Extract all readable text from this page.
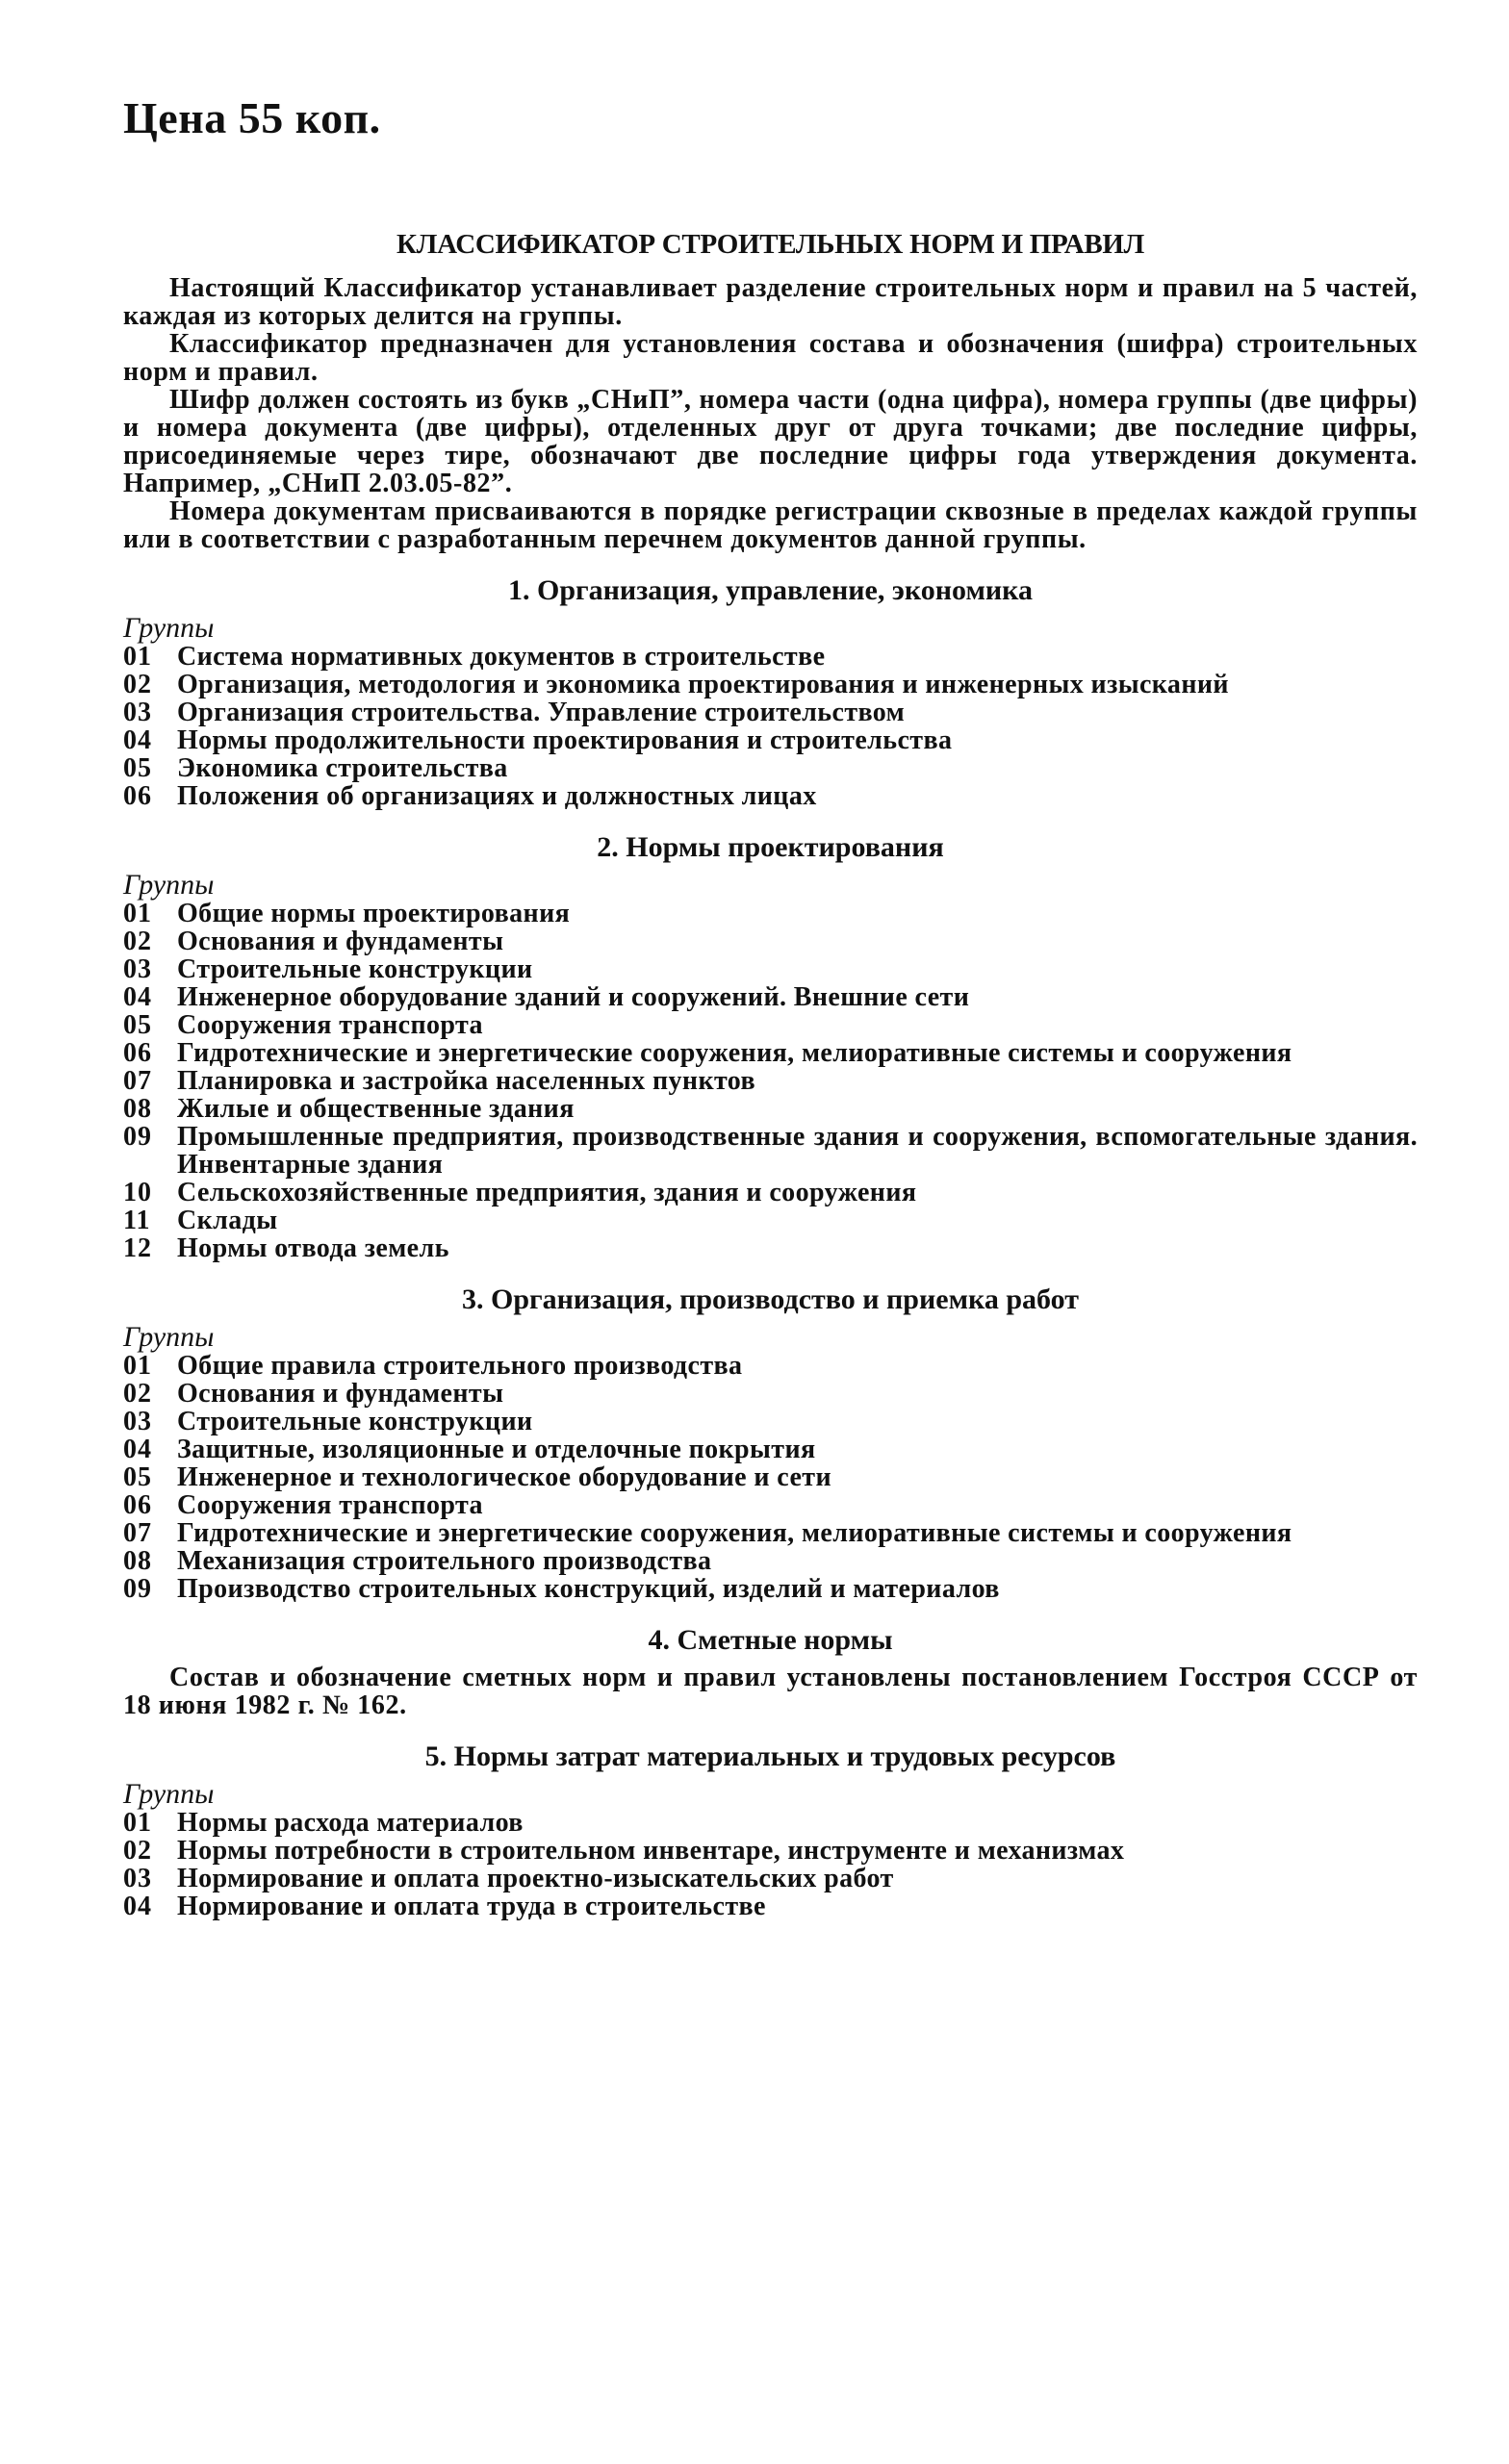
Цена 55 коп.
КЛАССИФИКАТОР СТРОИТЕЛЬНЫХ НОРМ И ПРАВИЛ

Настоящий Классификатор устанавливает разделение строительных норм и правил на 5 частей, каждая из которых делится на группы.

Классификатор предназначен для установления состава и обозначения (шифра) строительных норм и правил.

Шифр должен состоять из букв „СНиП”, номера части (одна цифра), номера группы (две цифры) и номера документа (две цифры), отделенных друг от друга точками; две последние цифры, присоединяемые через тире, обозначают две последние цифры года утверждения документа. Например, „СНиП 2.03.05-82”.

Номера документам присваиваются в порядке регистрации сквозные в пределах каждой группы или в соответствии с разработанным перечнем документов данной группы.

1. Организация, управление, экономика
Группы
01 Система нормативных документов в строительстве
02 Организация, методология и экономика проектирования и инженерных изысканий
03 Организация строительства. Управление строительством
04 Нормы продолжительности проектирования и строительства
05 Экономика строительства
06 Положения об организациях и должностных лицах
2. Нормы проектирования
Группы
01 Общие нормы проектирования
02 Основания и фундаменты
03 Строительные конструкции
04 Инженерное оборудование зданий и сооружений. Внешние сети
05 Сооружения транспорта
06 Гидротехнические и энергетические сооружения, мелиоративные системы и сооружения
07 Планировка и застройка населенных пунктов
08 Жилые и общественные здания
09 Промышленные предприятия, производственные здания и сооружения, вспомогательные здания. Инвентарные здания
10 Сельскохозяйственные предприятия, здания и сооружения
11 Склады
12 Нормы отвода земель
3. Организация, производство и приемка работ
Группы
01 Общие правила строительного производства
02 Основания и фундаменты
03 Строительные конструкции
04 Защитные, изоляционные и отделочные покрытия
05 Инженерное и технологическое оборудование и сети
06 Сооружения транспорта
07 Гидротехнические и энергетические сооружения, мелиоративные системы и сооружения
08 Механизация строительного производства
09 Производство строительных конструкций, изделий и материалов
4. Сметные нормы

Состав и обозначение сметных норм и правил установлены постановлением Госстроя СССР от 18 июня 1982 г. № 162.

5. Нормы затрат материальных и трудовых ресурсов
Группы
01 Нормы расхода материалов
02 Нормы потребности в строительном инвентаре, инструменте и механизмах
03 Нормирование и оплата проектно-изыскательских работ
04 Нормирование и оплата труда в строительстве
